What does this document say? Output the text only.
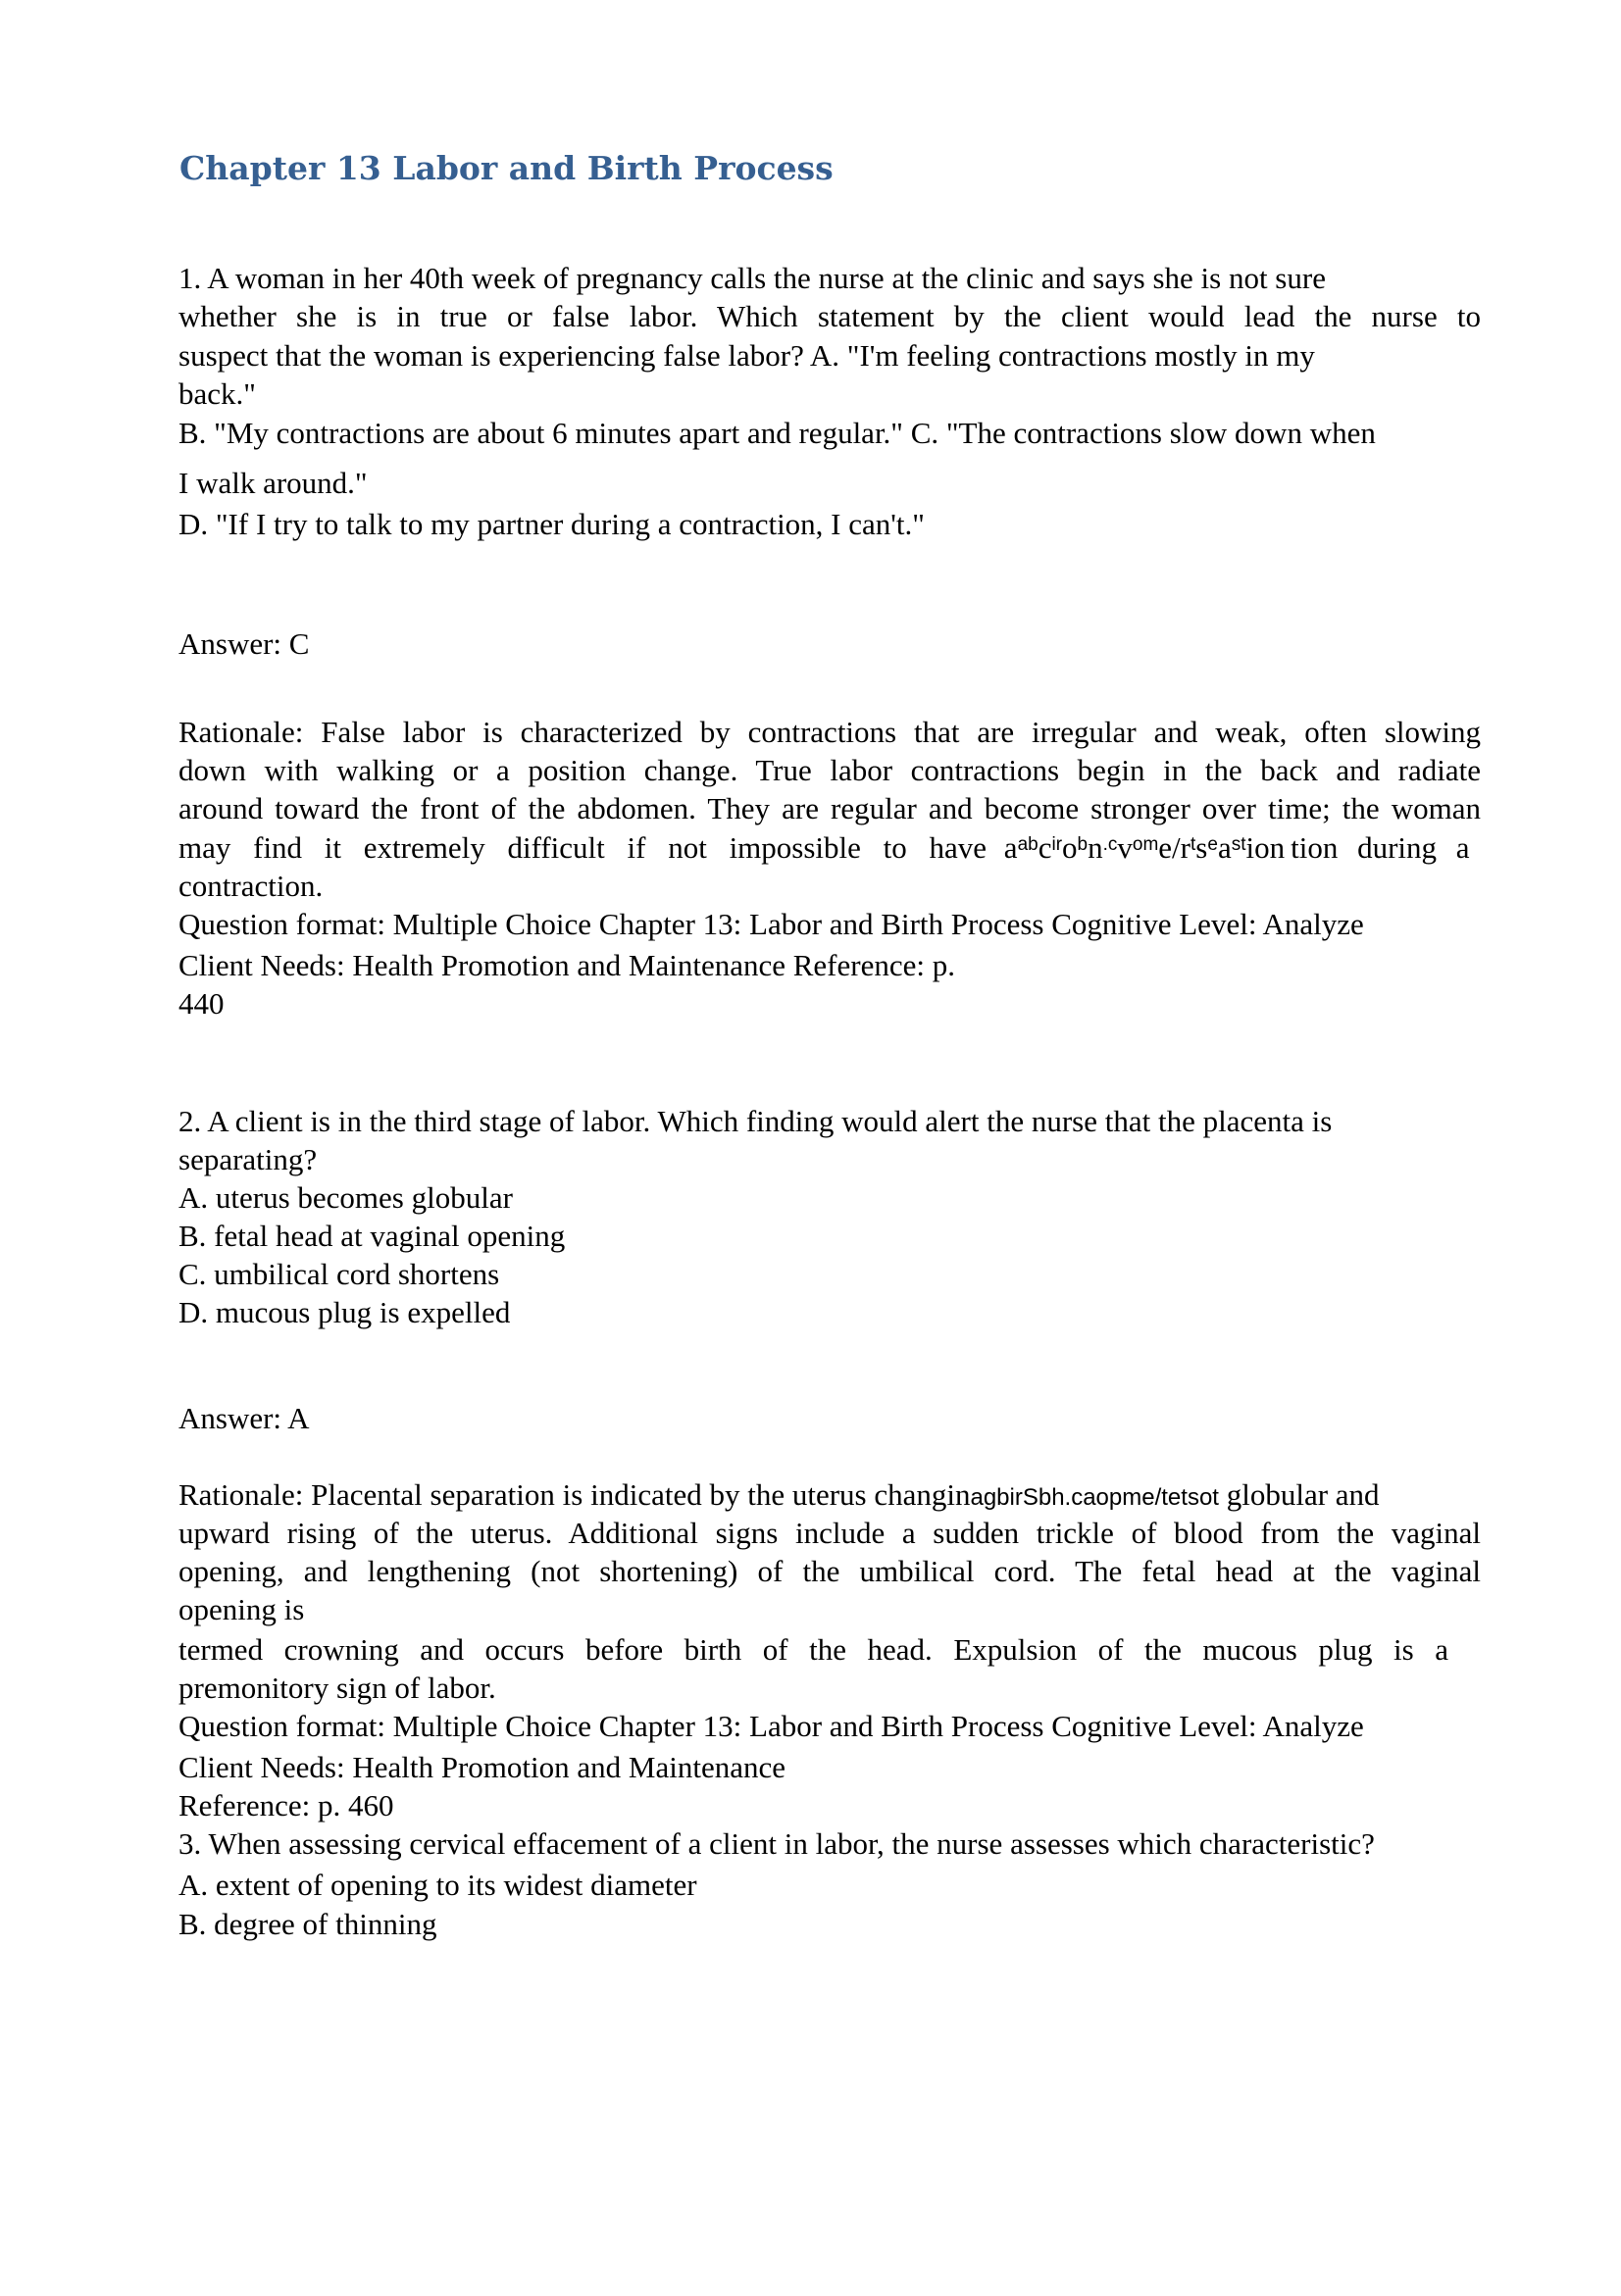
Chapter 13 Labor and Birth Process
1. A woman in her 40th week of pregnancy calls the nurse at the clinic and says she is not sure
whether she is in true or false labor. Which statement by the client would lead the nurse to
suspect that the woman is experiencing false labor? A. "I'm feeling contractions mostly in my
back."
B. "My contractions are about 6 minutes apart and regular." C. "The contractions slow down when
I walk around."
D. "If I try to talk to my partner during a contraction, I can't."
Answer: C
Rationale: False labor is characterized by contractions that are irregular and weak, often slowing
down with walking or a position change. True labor contractions begin in the back and radiate
around toward the front of the abdomen. They are regular and become stronger over time; the woman
may find it extremely difficult if not impossible to have $a^{ab}c^{ir}o^bn^{.c}v^{om}e/r^ts^ea^{st}ion$ tion during a
contraction.
Question format: Multiple Choice Chapter 13: Labor and Birth Process Cognitive Level: Analyze
Client Needs: Health Promotion and Maintenance Reference: p.
440
2. A client is in the third stage of labor. Which finding would alert the nurse that the placenta is
separating?
A. uterus becomes globular
B. fetal head at vaginal opening
C. umbilical cord shortens
D. mucous plug is expelled
Answer: A
Rationale: Placental separation is indicated by the uterus changinagbirSbh.caopme/tetsot globular and
upward rising of the uterus. Additional signs include a sudden trickle of blood from the vaginal
opening, and lengthening (not shortening) of the umbilical cord. The fetal head at the vaginal
opening is
termed crowning and occurs before birth of the head. Expulsion of the mucous plug is a
premonitory sign of labor.
Question format: Multiple Choice Chapter 13: Labor and Birth Process Cognitive Level: Analyze
Client Needs: Health Promotion and Maintenance
Reference: p. 460
3. When assessing cervical effacement of a client in labor, the nurse assesses which characteristic?
A. extent of opening to its widest diameter
B. degree of thinning
